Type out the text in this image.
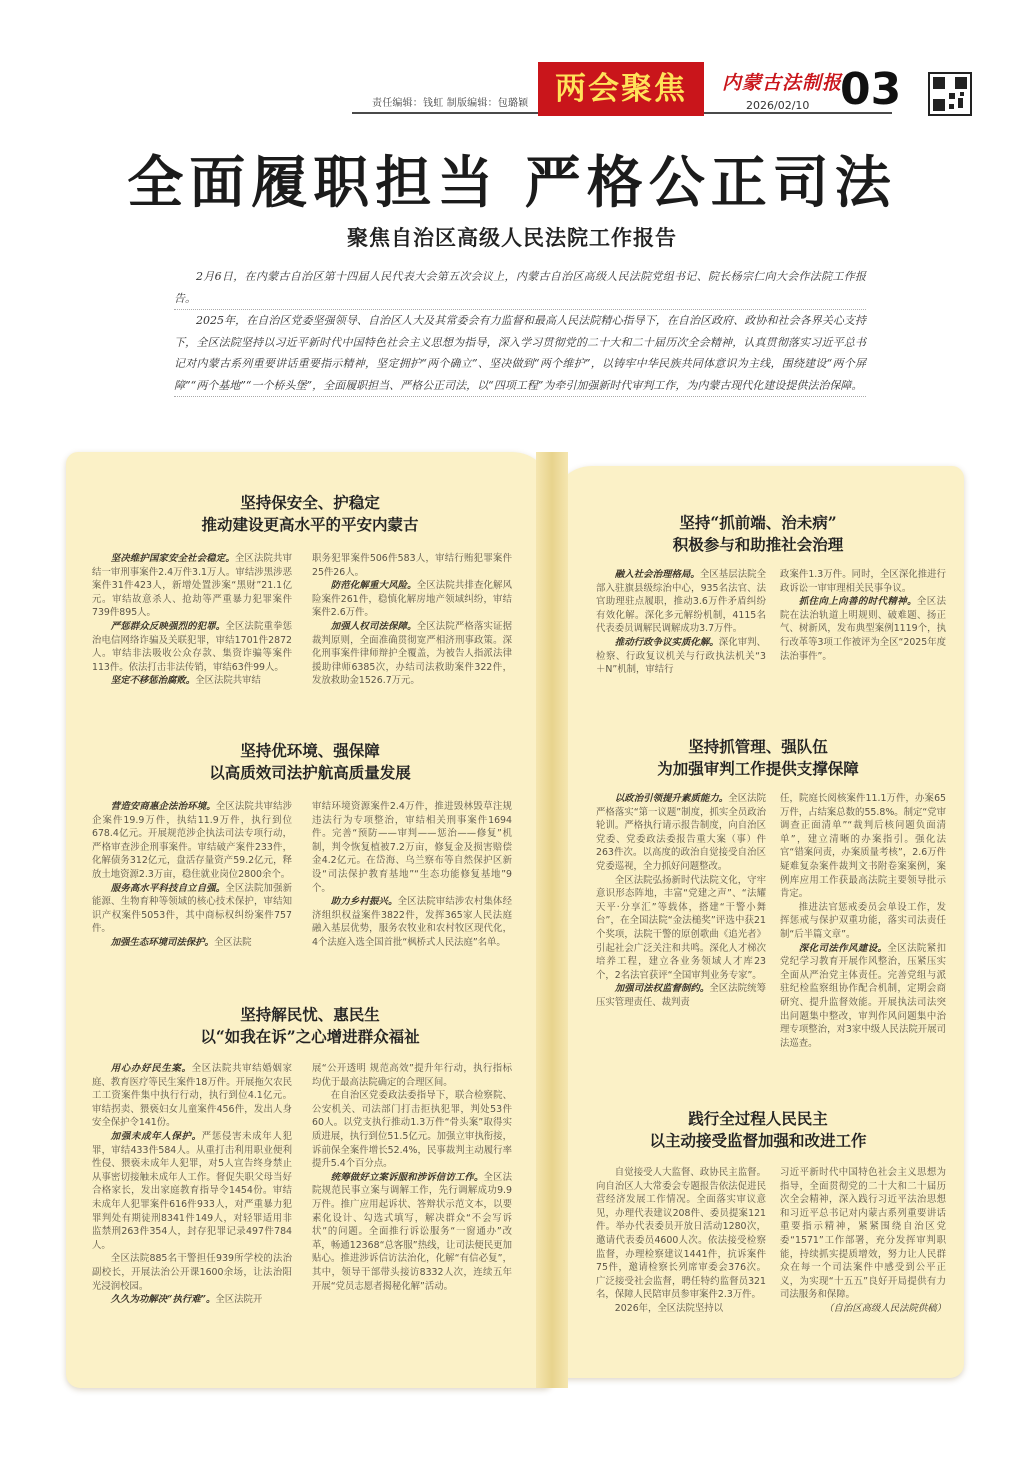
责任编辑：钱虹 制版编辑：包璐颖 两会聚焦	内蒙古法制报
2026/02/10 03
全面履职担当 严格公正司法
聚焦自治区高级人民法院工作报告

2月6日，在内蒙古自治区第十四届人民代表大会第五次会议上，内蒙古自治区高级人民法院党组书记、院长杨宗仁向大会作法院工作报告。

2025年，在自治区党委坚强领导、自治区人大及其常委会有力监督和最高人民法院精心指导下，在自治区政府、政协和社会各界关心支持下，全区法院坚持以习近平新时代中国特色社会主义思想为指导，深入学习贯彻党的二十大和二十届历次全会精神，认真贯彻落实习近平总书记对内蒙古系列重要讲话重要指示精神，坚定拥护“两个确立”、坚决做到“两个维护”，以铸牢中华民族共同体意识为主线，围绕建设“两个屏障”“两个基地”“一个桥头堡”，全面履职担当、严格公正司法，以“四项工程”为牵引加强新时代审判工作，为内蒙古现代化建设提供法治保障。

坚持保安全、护稳定
推动建设更高水平的平安内蒙古

坚决维护国家安全社会稳定。全区法院共审结一审刑事案件2.4万件3.1万人。审结涉黑涉恶案件31件423人，新增处置涉案“黑财”21.1亿元。审结故意杀人、抢劫等严重暴力犯罪案件739件895人。

严惩群众反映强烈的犯罪。全区法院重拳惩治电信网络诈骗及关联犯罪，审结1701件2872人。审结非法吸收公众存款、集资诈骗等案件113件。依法打击非法传销，审结63件99人。

坚定不移惩治腐败。全区法院共审结

职务犯罪案件506件583人，审结行贿犯罪案件25件26人。

防范化解重大风险。全区法院共排查化解风险案件261件，稳慎化解房地产领域纠纷，审结案件2.6万件。

加强人权司法保障。全区法院严格落实证据裁判原则，全面准确贯彻宽严相济刑事政策。深化刑事案件律师辩护全覆盖，为被告人指派法律援助律师6385次，办结司法救助案件322件，发放救助金1526.7万元。

坚持优环境、强保障
以高质效司法护航高质量发展

营造安商惠企法治环境。全区法院共审结涉企案件19.9万件，执结11.9万件，执行到位678.4亿元。开展规范涉企执法司法专项行动，严格审查涉企刑事案件。审结破产案件233件，化解债务312亿元，盘活存量资产59.2亿元，释放土地资源2.3万亩，稳住就业岗位2800余个。

服务高水平科技自立自强。全区法院加强新能源、生物育种等领域的核心技术保护，审结知识产权案件5053件，其中商标权纠纷案件757件。

加强生态环境司法保护。全区法院

审结环境资源案件2.4万件，推进毁林毁草注规违法行为专项整治，审结相关刑事案件1694件。完善“预防——审判——惩治——修复”机制，判令恢复植被7.2万亩，修复金及损害赔偿金4.2亿元。在岱海、乌兰察布等自然保护区新设“司法保护教育基地”“生态功能修复基地”9个。

助力乡村振兴。全区法院审结涉农村集体经济组织权益案件3822件，发挥365家人民法庭融入基层优势，服务农牧业和农村牧区现代化，4个法庭入选全国首批“枫桥式人民法庭”名单。

坚持解民忧、惠民生
以“如我在诉”之心增进群众福祉

用心办好民生案。全区法院共审结婚姻家庭、教育医疗等民生案件18万件。开展拖欠农民工工资案件集中执行行动，执行到位4.1亿元。审结拐卖、猥亵妇女儿童案件456件，发出人身安全保护令141份。

加强未成年人保护。严惩侵害未成年人犯罪，审结433件584人。从重打击利用职业便利性侵、猥亵未成年人犯罪，对5人宣告终身禁止从事密切接触未成年人工作。督促失职父母当好合格家长，发出家庭教育指导令1454份。审结未成年人犯罪案件616件933人，对严重暴力犯罪判处有期徒刑8341件149人，对轻罪适用非监禁刑263件354人，封存犯罪记录497件784人。

全区法院885名干警担任939所学校的法治副校长，开展法治公开课1600余场，让法治阳光浸润校园。

久久为功解决“执行难”。全区法院开

展“公开透明 规范高效”提升年行动，执行指标均优于最高法院确定的合理区间。

在自治区党委政法委指导下，联合检察院、公安机关、司法部门打击拒执犯罪，判处53件60人。以党支执行推动1.3万件“骨头案”取得实质进展，执行到位51.5亿元。加强立审执衔接，诉前保全案件增长52.4%，民事裁判主动履行率提升5.4个百分点。

统筹做好立案诉服和涉诉信访工作。全区法院规范民事立案与调解工作，先行调解成功9.9万件。推广应用起诉状、答辩状示范文本，以要素化设计、勾选式填写，解决群众“不会写诉状”的问题。全面推行诉讼服务“一窗通办”改革，畅通12368“总客服”热线，让司法便民更加贴心。推进涉诉信访法治化，化解“有信必复”，其中，领导干部带头接访8332人次，连续五年开展“党员志愿者揭秘化解”活动。

坚持“抓前端、治未病”
积极参与和助推社会治理

融入社会治理格局。全区基层法院全部入驻旗县级综治中心，935名法官、法官助理驻点履职，推动3.6万件矛盾纠纷有效化解。深化多元解纷机制，4115名代表委员调解民调解成功3.7万件。

推动行政争议实质化解。深化审判、检察、行政复议机关与行政执法机关“3＋N”机制，审结行

政案件1.3万件。同时，全区深化推进行政诉讼一审审理相关民事争议。

抓住向上向善的时代精神。全区法院在法治轨道上明规则、破难题、扬正气、树新风，发布典型案例1119个，执行改革等3项工作被评为全区“2025年度法治事件”。

坚持抓管理、强队伍
为加强审判工作提供支撑保障

以政治引领提升素质能力。全区法院严格落实“第一议题”制度，抓实全员政治轮训。严格执行请示报告制度，向自治区党委、党委政法委报告重大案（事）件263件次。以高度的政治自觉接受自治区党委巡视，全力抓好问题整改。

全区法院弘扬新时代法院文化，守牢意识形态阵地，丰富“党建之声”、“法耀天平·分享汇”等载体，搭建“干警小舞台”，在全国法院“金法槌奖”评选中获21个奖项，法院干警的原创歌曲《追光者》引起社会广泛关注和共鸣。深化人才梯次培养工程，建立各业务领域人才库23个，2名法官获评“全国审判业务专家”。

加强司法权监督制约。全区法院统筹压实管理责任、裁判责

任，院庭长阅核案件11.1万件，办案65万件，占结案总数的55.8%。制定“党审调查正面清单”“裁判后核问题负面清单”，建立清晰的办案指引。强化法官“错案问责，办案质量考核”，2.6万件疑难复杂案件裁判文书附卷案案例，案例库应用工作获最高法院主要领导批示肯定。

推进法官惩戒委员会单设工作，发挥惩戒与保护双重功能，落实司法责任制“后半篇文章”。

深化司法作风建设。全区法院紧扣党纪学习教育开展作风整治，压紧压实全面从严治党主体责任。完善党组与派驻纪检监察组协作配合机制，定期会商研究、提升监督效能。开展执法司法突出问题集中整改，审判作风问题集中治理专项整治，对3家中级人民法院开展司法巡查。

践行全过程人民民主
以主动接受监督加强和改进工作

自觉接受人大监督、政协民主监督。向自治区人大常委会专题报告依法促进民营经济发展工作情况。全面落实审议意见，办理代表建议208件、委员提案121件。举办代表委员开放日活动1280次，邀请代表委员4600人次。依法接受检察监督，办理检察建议1441件，抗诉案件75件，邀请检察长列席审委会376次。广泛接受社会监督，聘任特约监督员321名，保障人民陪审员参审案件2.3万件。

2026年，全区法院坚持以

习近平新时代中国特色社会主义思想为指导，全面贯彻党的二十大和二十届历次全会精神，深入践行习近平法治思想和习近平总书记对内蒙古系列重要讲话重要指示精神，紧紧围绕自治区党委“1571”工作部署，充分发挥审判职能，持续抓实提质增效，努力让人民群众在每一个司法案件中感受到公平正义，为实现“十五五”良好开局提供有力司法服务和保障。

（自治区高级人民法院供稿）
